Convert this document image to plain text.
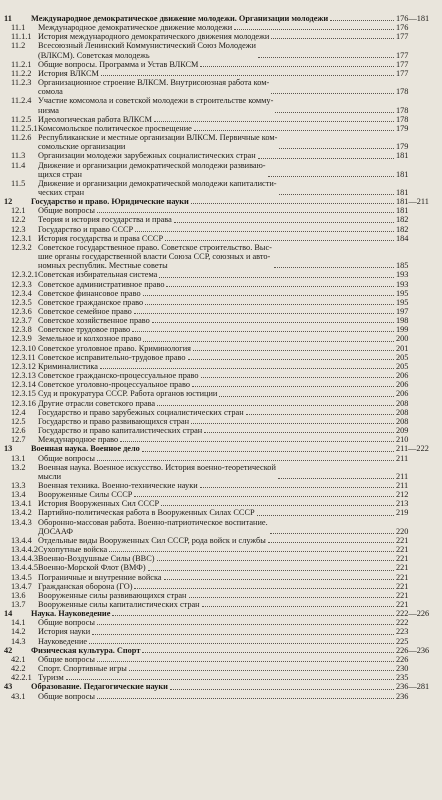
11	Международное демократическое движение молодежи. Организации молодежи	176—181
11.1	Международное демократическое движение молодежи	176
11.1.1 История международного демократического движения молодежи	177
11.2	Всесоюзный Ленинский Коммунистический Союз Молодежи
(ВЛКСМ). Советская молодежь	177
11.2.1 Общие вопросы. Программа и Устав ВЛКСМ	177
11.2.2 История ВЛКСМ	177
11.2.3 Организационное строение ВЛКСМ. Внутрисоюзная работа ком-
сомола	178
11.2.4 Участие комсомола и советской молодежи в строительстве комму-
низма	178
11.2.5 Идеологическая работа ВЛКСМ	178
11.2.5.1 Комсомольское политическое просвещение	179
11.2.6 Республиканские и местные организации ВЛКСМ. Первичные ком-
сомольские организации	179
11.3	Организации молодежи зарубежных социалистических стран	181
11.4	Движение и организации демократической молодежи развиваю-
щихся стран	181
11.5	Движение и организации демократической молодежи капиталисти-
ческих стран	181
12	Государство и право. Юридические науки	181—211
12.1	Общие вопросы	181
12.2	Теория и история государства и права	182
12.3	Государство и право СССР	182
12.3.1 История государства и права СССР	184
12.3.2 Советское государственное право. Советское строительство. Выс-
шие органы государственной власти Союза ССР, союзных и авто-
номных республик. Местные советы	185
12.3.2.1 Советская избирательная система	193
12.3.3 Советское административное право	193
12.3.4 Советское финансовое право	195
12.3.5 Советское гражданское право	195
12.3.6 Советское семейное право	197
12.3.7 Советское хозяйственное право	198
12.3.8 Советское трудовое право	199
12.3.9 Земельное и колхозное право	200
12.3.10 Советское уголовное право. Криминология	201
12.3.11 Советское исправительно-трудовое право	205
12.3.12 Криминалистика	205
12.3.13 Советское гражданско-процессуальное право	206
12.3.14 Советское уголовно-процессуальное право	206
12.3.15 Суд и прокуратура СССР. Работа органов юстиции	206
12.3.16 Другие отрасли советского права	208
12.4	Государство и право зарубежных социалистических стран	208
12.5	Государство и право развивающихся стран	208
12.6	Государство и право капиталистических стран	209
12.7	Международное право	210
13	Военная наука. Военное дело	211—222
13.1	Общие вопросы	211
13.2	Военная наука. Военное искусство. История военно-теоретической
мысли	211
13.3	Военная техника. Военно-технические науки	211
13.4	Вооруженные Силы СССР	212
13.4.1 История Вооруженных Сил СССР	213
13.4.2 Партийно-политическая работа в Вооруженных Силах СССР	219
13.4.3 Оборонно-массовая работа. Военно-патриотическое воспитание.
ДОСААФ	220
13.4.4 Отдельные виды Вооруженных Сил СССР, рода войск и службы	221
13.4.4.2 Сухопутные войска	221
13.4.4.3 Военно-Воздушные Силы (ВВС)	221
13.4.4.5 Военно-Морской Флот (ВМФ)	221
13.4.5 Пограничные и внутренние войска	221
13.4.7 Гражданская оборона (ГО)	221
13.6	Вооруженные силы развивающихся стран	221
13.7	Вооруженные силы капиталистических стран	221
14	Наука. Науковедение	222—226
14.1	Общие вопросы	222
14.2	История науки	223
14.3	Науковедение	225
42	Физическая культура. Спорт	226—236
42.1	Общие вопросы	226
42.2	Спорт. Спортивные игры	230
42.2.1 Туризм	235
43	Образование. Педагогические науки	236—281
43.1	Общие вопросы	236
